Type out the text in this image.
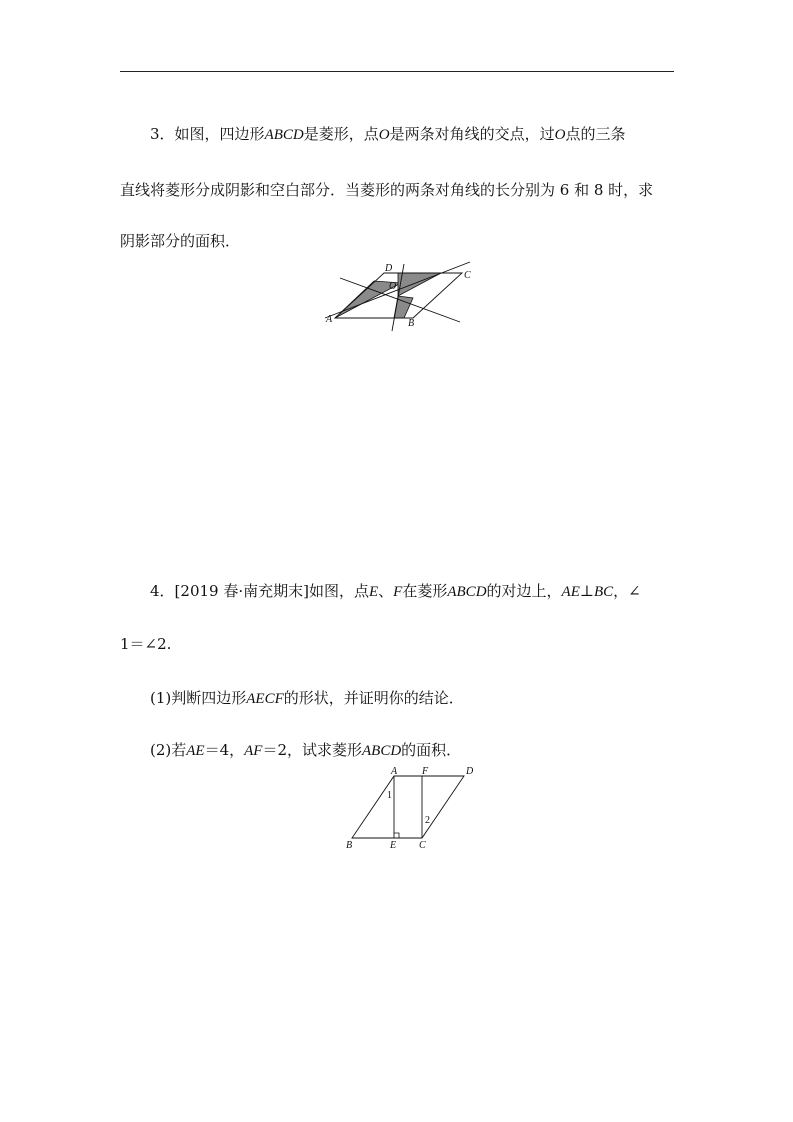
3．如图，四边形ABCD是菱形，点O是两条对角线的交点，过O点的三条
直线将菱形分成阴影和空白部分．当菱形的两条对角线的长分别为 6 和 8 时，求
阴影部分的面积．
A	B
C
D
O
A F	D
B	E C
1
2
4．[2019 春·南充期末]如图，点E、F在菱形ABCD的对边上，AE⊥BC，∠
1＝∠2.
(1)判断四边形AECF的形状，并证明你的结论．
(2)若AE＝4，AF＝2，试求菱形ABCD的面积．
